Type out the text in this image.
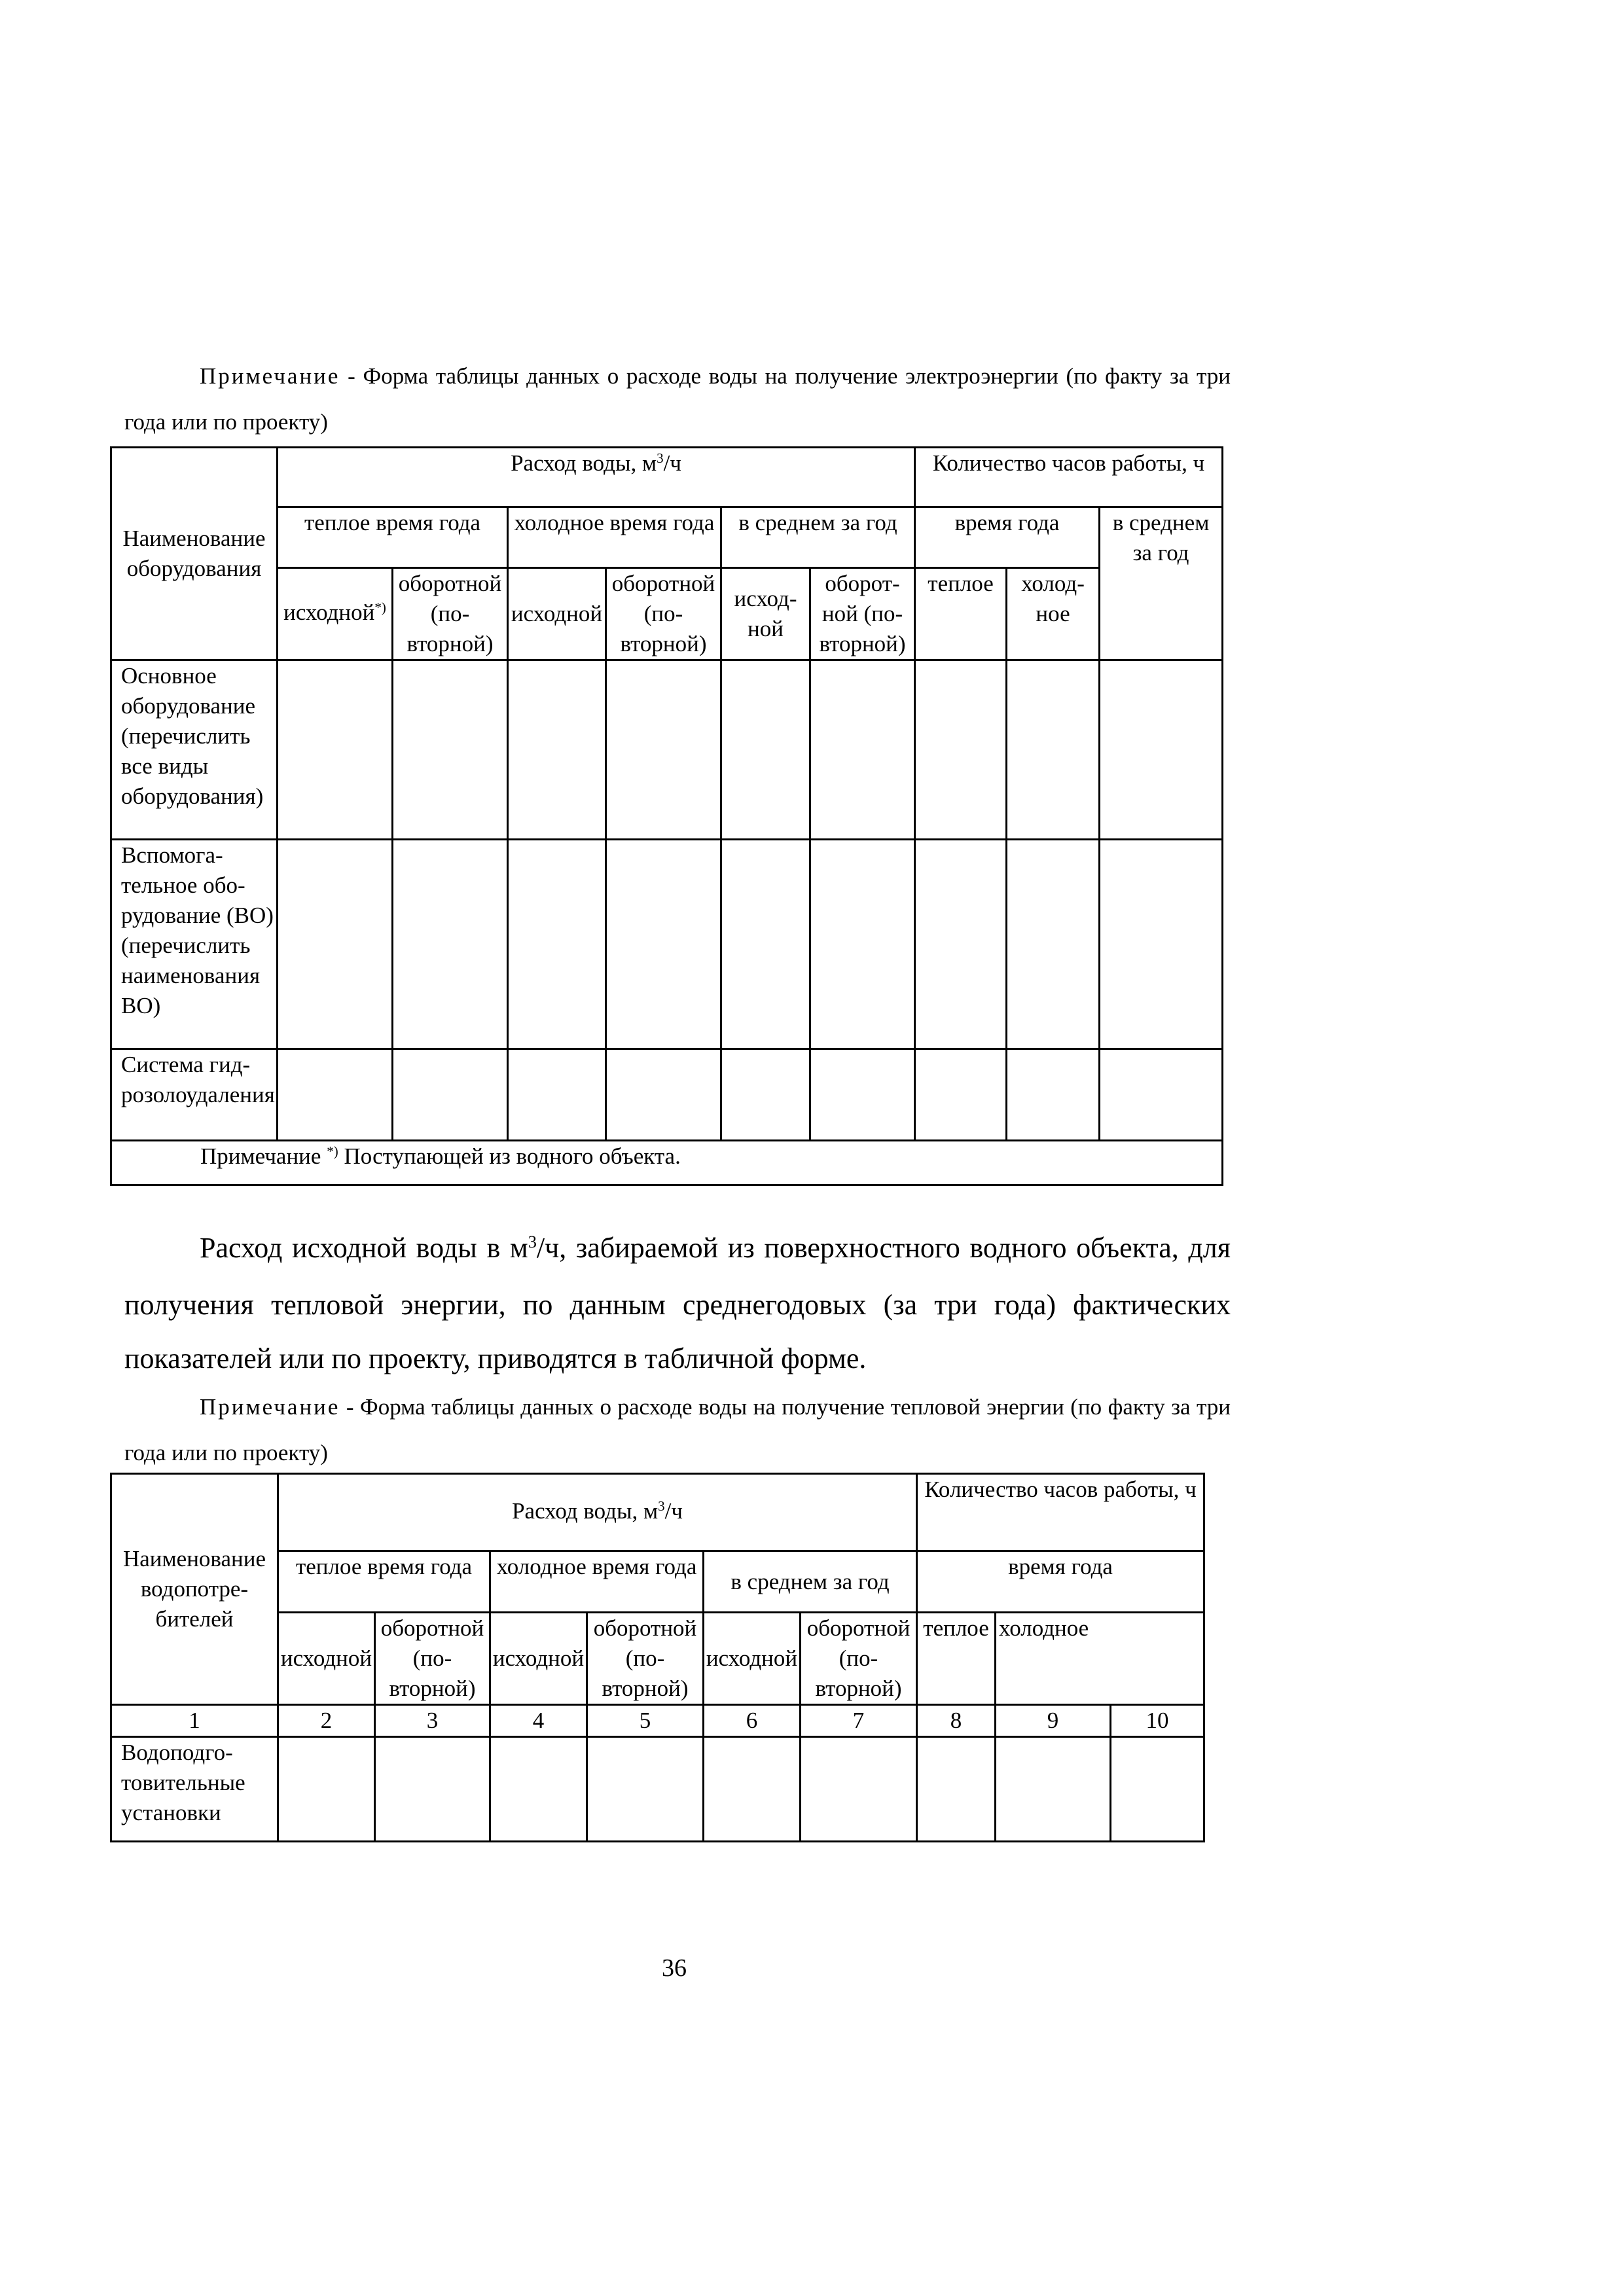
Примечание - Форма таблицы данных о расходе воды на получение электроэнергии (по факту за три года или по проекту)

Наименование оборудования	Расход воды, $м^3/ч$						Количество часов работы, ч		
	теплое время года		холодное время года		в среднем за год		время года		в среднем за год
	исходной*)	оборотной (повторной)	исходной	оборотной (повторной)	исходной	оборотной (повторной)	теплое	холодное	
Основное оборудование (перечислить все виды оборудования)									
Вспомогательное оборудование (ВО) (перечислить наименования ВО)									
Система гидрозолоудаления									
Примечание *) Поступающей из водного объекта.									

Расход исходной воды в $м^3/ч$, забираемой из поверхностного водного объекта, для получения тепловой энергии, по данным среднегодовых (за три года) фактических показателей или по проекту, приводятся в табличной форме.

Примечание - Форма таблицы данных о расходе воды на получение тепловой энергии (по факту за три года или по проекту)

Наименование водопотребителей	Расход воды, $м^3/ч$						Количество часов работы, ч			
	теплое время года		холодное время года		в среднем за год		время года	
	исходной	оборотной (повторной)	исходной	оборотной (повторной)	исходной	оборотной (повторной)	теплое	холодное		
1	2	3	4	5	6	7	8	9	10	
Водоподготовительные установки										
36
